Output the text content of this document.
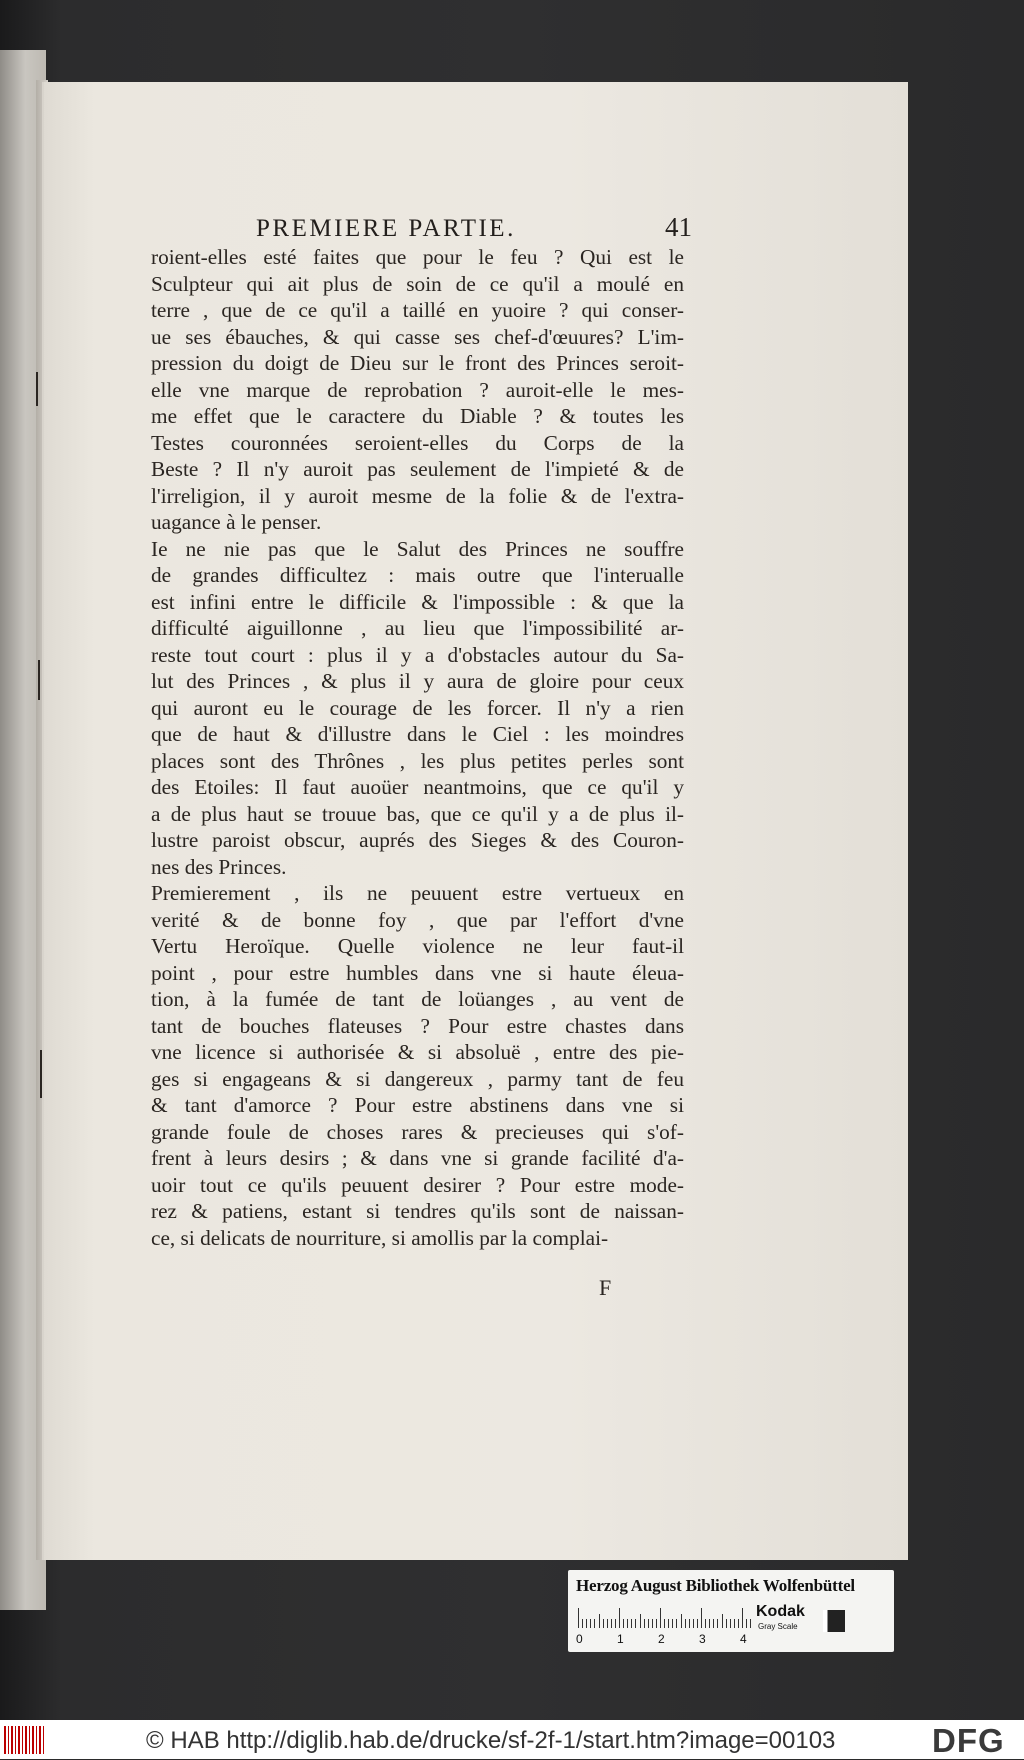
PREMIERE PARTIE.	41
roient-elles esté faites que pour le feu ? Qui est le
Sculpteur qui ait plus de soin de ce qu'il a moulé en
terre , que de ce qu'il a taillé en yuoire ? qui conser-
ue ses ébauches, & qui casse ses chef-d'œuures? L'im-
pression du doigt de Dieu sur le front des Princes seroit-
elle vne marque de reprobation ? auroit-elle le mes-
me effet que le caractere du Diable ? & toutes les
Testes couronnées seroient-elles du Corps de la
Beste ? Il n'y auroit pas seulement de l'impieté & de
l'irreligion, il y auroit mesme de la folie & de l'extra-
uagance à le penser.
Ie ne nie pas que le Salut des Princes ne souffre
de grandes difficultez : mais outre que l'interualle
est infini entre le difficile & l'impossible : & que la
difficulté aiguillonne , au lieu que l'impossibilité ar-
reste tout court : plus il y a d'obstacles autour du Sa-
lut des Princes , & plus il y aura de gloire pour ceux
qui auront eu le courage de les forcer. Il n'y a rien
que de haut & d'illustre dans le Ciel : les moindres
places sont des Thrônes , les plus petites perles sont
des Etoiles: Il faut auoüer neantmoins, que ce qu'il y
a de plus haut se trouue bas, que ce qu'il y a de plus il-
lustre paroist obscur, auprés des Sieges & des Couron-
nes des Princes.
Premierement , ils ne peuuent estre vertueux en
verité & de bonne foy , que par l'effort d'vne
Vertu Heroïque. Quelle violence ne leur faut-il
point , pour estre humbles dans vne si haute éleua-
tion, à la fumée de tant de loüanges , au vent de
tant de bouches flateuses ? Pour estre chastes dans
vne licence si authorisée & si absoluë , entre des pie-
ges si engageans & si dangereux , parmy tant de feu
& tant d'amorce ? Pour estre abstinens dans vne si
grande foule de choses rares & precieuses qui s'of-
frent à leurs desirs ; & dans vne si grande facilité d'a-
uoir tout ce qu'ils peuuent desirer ? Pour estre mode-
rez & patiens, estant si tendres qu'ils sont de naissan-
ce, si delicats de nourriture, si amollis par la complai-
F
Herzog August Bibliothek Wolfenbüttel
0	1	2	3	4
Kodak
Gray Scale
© HAB http://diglib.hab.de/drucke/sf-2f-1/start.htm?image=00103	DFG
